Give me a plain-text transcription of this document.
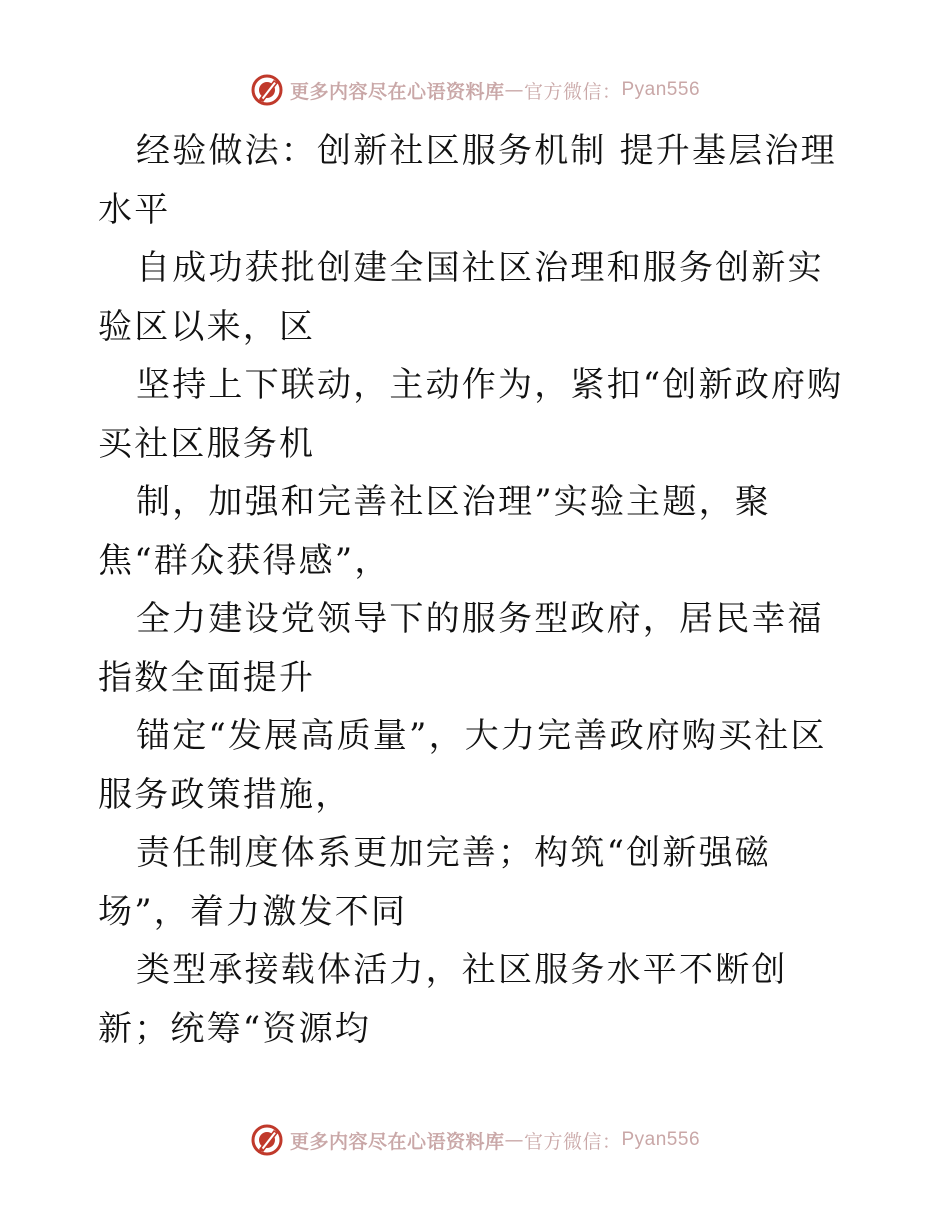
更多内容尽在心语资料库 — 官方微信： Pyan556

经验做法：创新社区服务机制 提升基层治理水平

自成功获批创建全国社区治理和服务创新实验区以来，区

坚持上下联动，主动作为，紧扣“创新政府购买社区服务机

制，加强和完善社区治理”实验主题，聚焦“群众获得感”，

全力建设党领导下的服务型政府，居民幸福指数全面提升

锚定“发展高质量”，大力完善政府购买社区服务政策措施，

责任制度体系更加完善；构筑“创新强磁场”，着力激发不同

类型承接载体活力，社区服务水平不断创新；统筹“资源均

更多内容尽在心语资料库 — 官方微信： Pyan556
